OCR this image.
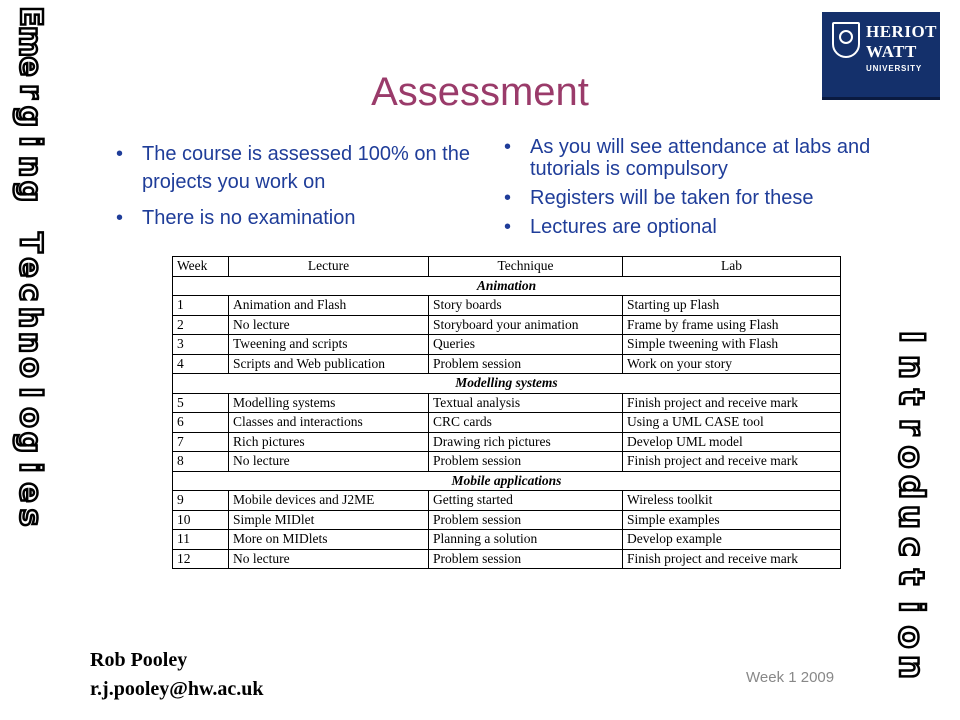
E
m
e
r
g
i
n
g
T
e
c
h
n
o
l
o
g
i
e
s
I
n
t
r
o
d
u
c
t
i
o
n
HERIOT
WATT
UNIVERSITY
Assessment
• The course is assessed 100% on the projects you work on
• There is no examination
• As you will see attendance at labs and tutorials is compulsory
• Registers will be taken for these
• Lectures are optional
Week	Lecture	Technique	Lab
Animation			
1	Animation and Flash	Story boards	Starting up Flash
2	No lecture	Storyboard your animation	Frame by frame using Flash
3	Tweening and scripts	Queries	Simple tweening with Flash
4	Scripts and Web publication	Problem session	Work on your story
Modelling systems			
5	Modelling systems	Textual analysis	Finish project and receive mark
6	Classes and interactions	CRC cards	Using a UML CASE tool
7	Rich pictures	Drawing rich pictures	Develop UML model
8	No lecture	Problem session	Finish project and receive mark
Mobile applications			
9	Mobile devices and J2ME	Getting started	Wireless toolkit
10	Simple MIDlet	Problem session	Simple examples
11	More on MIDlets	Planning a solution	Develop example
12	No lecture	Problem session	Finish project and receive mark
Rob Pooley
r.j.pooley@hw.ac.uk
Week 1 2009
